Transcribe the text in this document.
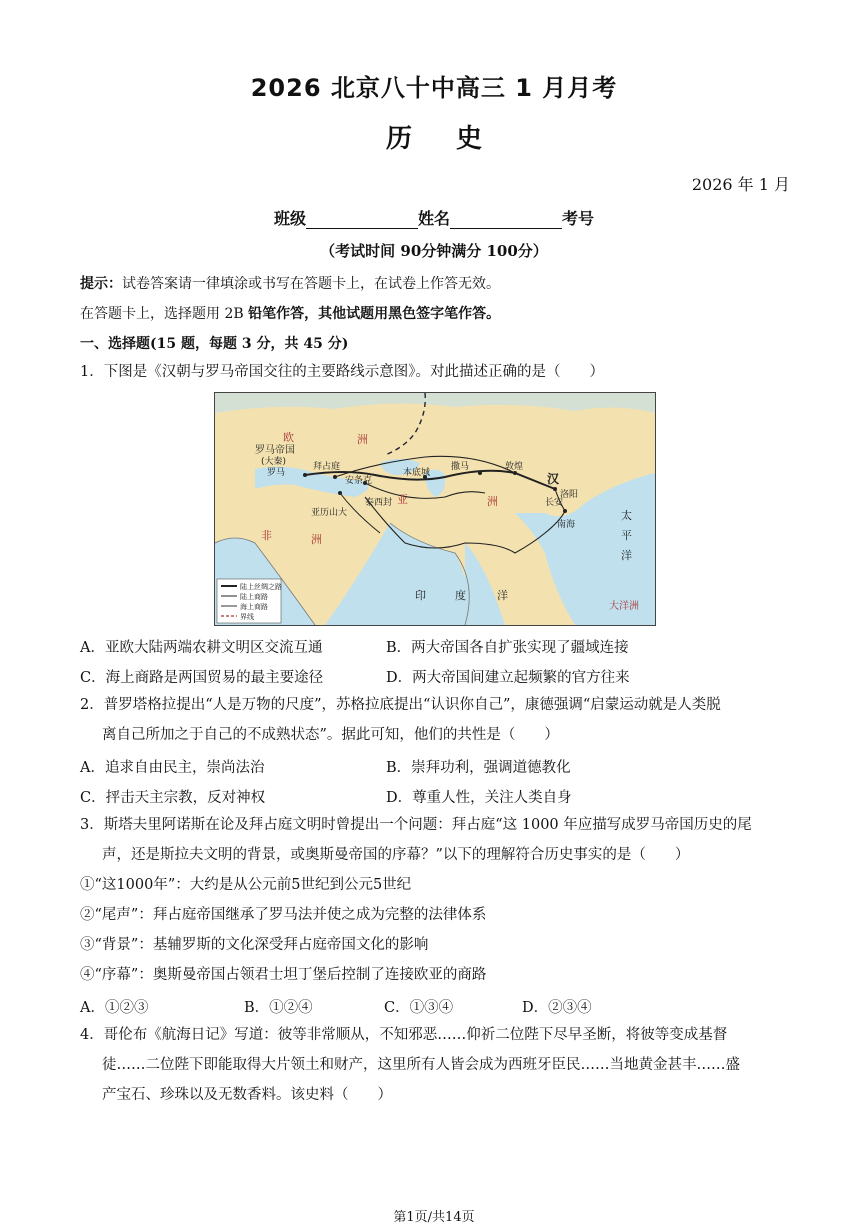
2026 北京八十中高三 1 月月考
历史
2026 年 1 月
班级	姓名	考号
（考试时间 90分钟满分 100分）
提示：试卷答案请一律填涂或书写在答题卡上，在试卷上作答无效。
在答题卡上，选择题用 2B 铅笔作答，其他试题用黑色签字笔作答。
一、选择题(15 题，每题 3 分，共 45 分)
1．下图是《汉朝与罗马帝国交往的主要路线示意图》。对此描述正确的是（　　）
欧	洲
罗马帝国
(大秦)
罗马
拜占庭
安条克
泰西封
亚历山大
亚
本底城
撒马	敦煌
汉
洛阳
长安
南海
洲
非	洲
印	度	洋
太
平
洋
大洋洲
陆上丝绸之路
陆上商路
海上商路
界线
A．亚欧大陆两端农耕文明区交流互通	B．两大帝国各自扩张实现了疆域连接
C．海上商路是两国贸易的最主要途径	D．两大帝国间建立起频繁的官方往来
2．普罗塔格拉提出“人是万物的尺度”，苏格拉底提出“认识你自己”，康德强调“启蒙运动就是人类脱
离自己所加之于自己的不成熟状态”。据此可知，他们的共性是（　　）
A．追求自由民主，崇尚法治	B．崇拜功利，强调道德教化
C．抨击天主宗教，反对神权	D．尊重人性，关注人类自身
3．斯塔夫里阿诺斯在论及拜占庭文明时曾提出一个问题：拜占庭“这 1000 年应描写成罗马帝国历史的尾
声，还是斯拉夫文明的背景，或奥斯曼帝国的序幕？”以下的理解符合历史事实的是（　　）
①“这1000年”：大约是从公元前5世纪到公元5世纪
②“尾声”：拜占庭帝国继承了罗马法并使之成为完整的法律体系
③“背景”：基辅罗斯的文化深受拜占庭帝国文化的影响
④“序幕”：奥斯曼帝国占领君士坦丁堡后控制了连接欧亚的商路
A．①②③	B．①②④	C．①③④	D．②③④
4．哥伦布《航海日记》写道：彼等非常顺从，不知邪恶……仰祈二位陛下尽早圣断，将彼等变成基督
徒……二位陛下即能取得大片领土和财产，这里所有人皆会成为西班牙臣民……当地黄金甚丰……盛
产宝石、珍珠以及无数香料。该史料（　　）
第1页/共14页
